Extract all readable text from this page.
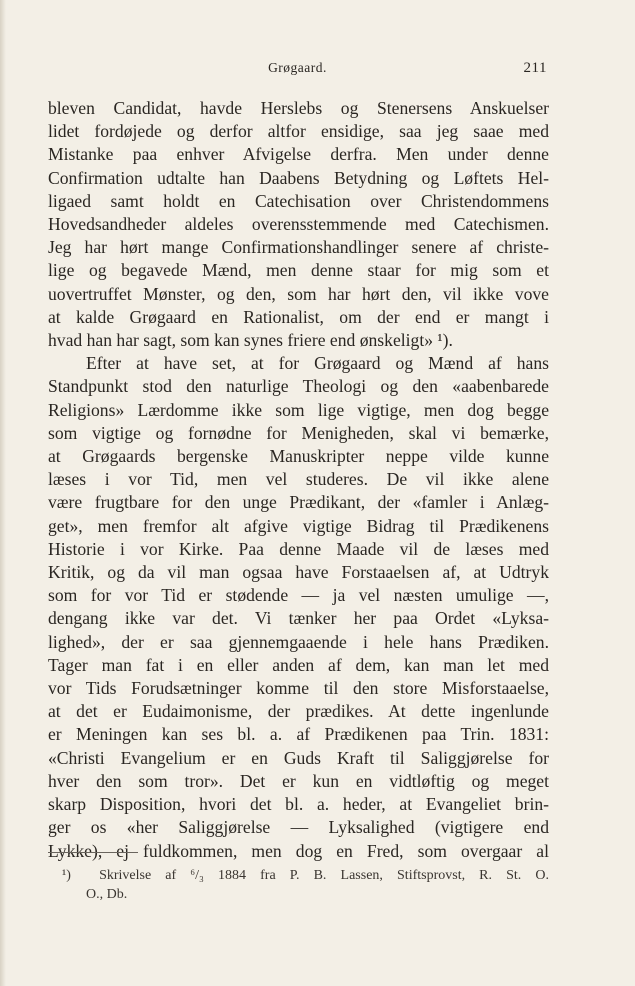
Grøgaard.	211
bleven Candidat, havde Herslebs og Stenersens Anskuelser
lidet fordøjede og derfor altfor ensidige, saa jeg saae med
Mistanke paa enhver Afvigelse derfra. Men under denne
Confirmation udtalte han Daabens Betydning og Løftets Hel-
ligaed samt holdt en Catechisation over Christendommens
Hovedsandheder aldeles overensstemmende med Catechismen.
Jeg har hørt mange Confirmationshandlinger senere af christe-
lige og begavede Mænd, men denne staar for mig som et
uovertruffet Mønster, og den, som har hørt den, vil ikke vove
at kalde Grøgaard en Rationalist, om der end er mangt i
hvad han har sagt, som kan synes friere end ønskeligt» ¹).
Efter at have set, at for Grøgaard og Mænd af hans
Standpunkt stod den naturlige Theologi og den «aabenbarede
Religions» Lærdomme ikke som lige vigtige, men dog begge
som vigtige og fornødne for Menigheden, skal vi bemærke,
at Grøgaards bergenske Manuskripter neppe vilde kunne
læses i vor Tid, men vel studeres. De vil ikke alene
være frugtbare for den unge Prædikant, der «famler i Anlæg-
get», men fremfor alt afgive vigtige Bidrag til Prædikenens
Historie i vor Kirke. Paa denne Maade vil de læses med
Kritik, og da vil man ogsaa have Forstaaelsen af, at Udtryk
som for vor Tid er stødende — ja vel næsten umulige —,
dengang ikke var det. Vi tænker her paa Ordet «Lyksa-
lighed», der er saa gjennemgaaende i hele hans Prædiken.
Tager man fat i en eller anden af dem, kan man let med
vor Tids Forudsætninger komme til den store Misforstaaelse,
at det er Eudaimonisme, der prædikes. At dette ingenlunde
er Meningen kan ses bl. a. af Prædikenen paa Trin. 1831:
«Christi Evangelium er en Guds Kraft til Saliggjørelse for
hver den som tror». Det er kun en vidtløftig og meget
skarp Disposition, hvori det bl. a. heder, at Evangeliet brin-
ger os «her Saliggjørelse — Lyksalighed (vigtigere end
Lykke), ej fuldkommen, men dog en Fred, som overgaar al
¹) Skrivelse af ⁶/₃ 1884 fra P. B. Lassen, Stiftsprovst, R. St. O.
O., Db.
